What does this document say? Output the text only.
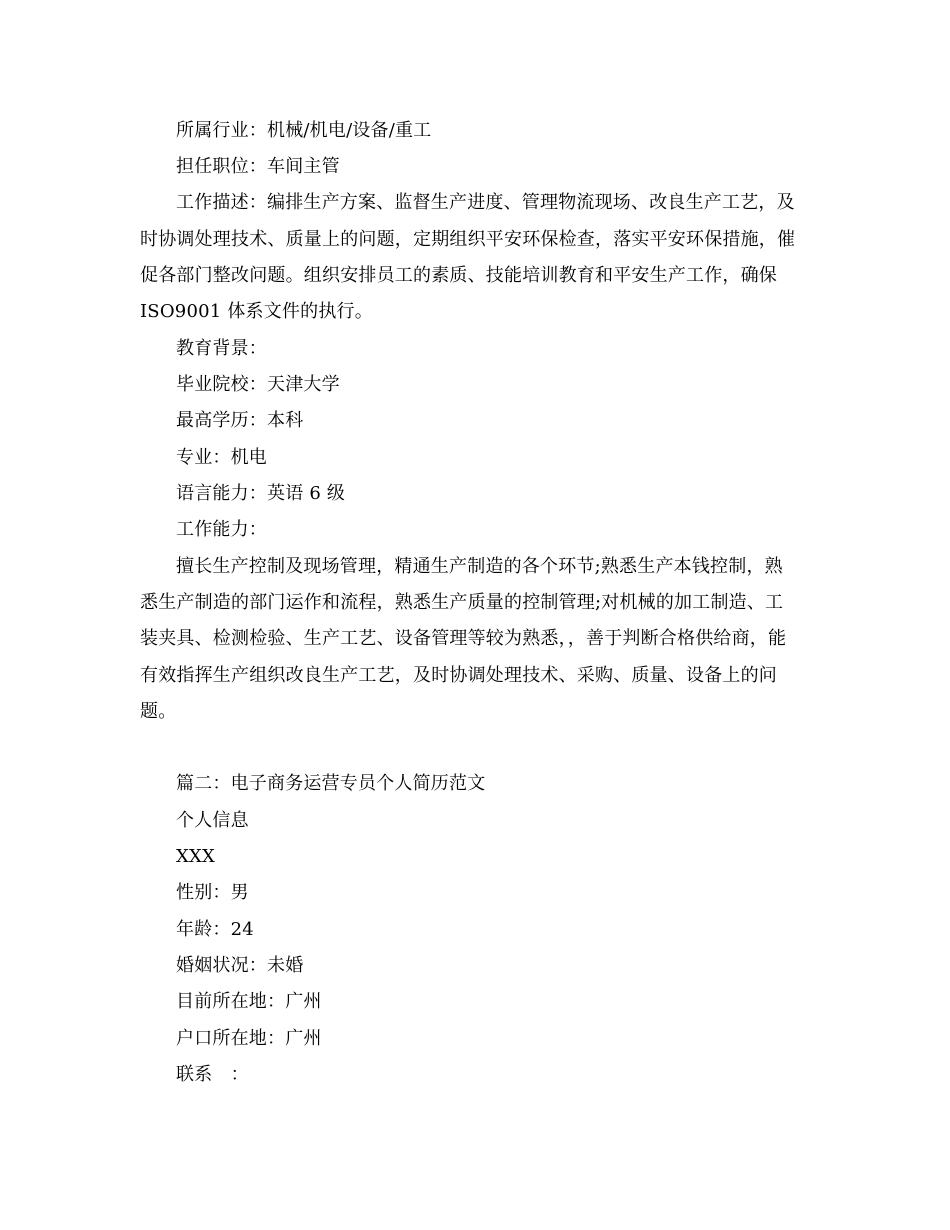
所属行业：机械/机电/设备/重工
担任职位：车间主管
工作描述：编排生产方案、监督生产进度、管理物流现场、改良生产工艺，及
时协调处理技术、质量上的问题，定期组织平安环保检查，落实平安环保措施，催
促各部门整改问题。组织安排员工的素质、技能培训教育和平安生产工作，确保
ISO9001 体系文件的执行。
教育背景：
毕业院校：天津大学
最高学历：本科
专业：机电
语言能力：英语 6 级
工作能力：
擅长生产控制及现场管理，精通生产制造的各个环节;熟悉生产本钱控制，熟
悉生产制造的部门运作和流程，熟悉生产质量的控制管理;对机械的加工制造、工
装夹具、检测检验、生产工艺、设备管理等较为熟悉，，善于判断合格供给商，能
有效指挥生产组织改良生产工艺，及时协调处理技术、采购、质量、设备上的问
题。
篇二：电子商务运营专员个人简历范文
个人信息
XXX
性别：男
年龄：24
婚姻状况：未婚
目前所在地：广州
户口所在地：广州
联系　：
